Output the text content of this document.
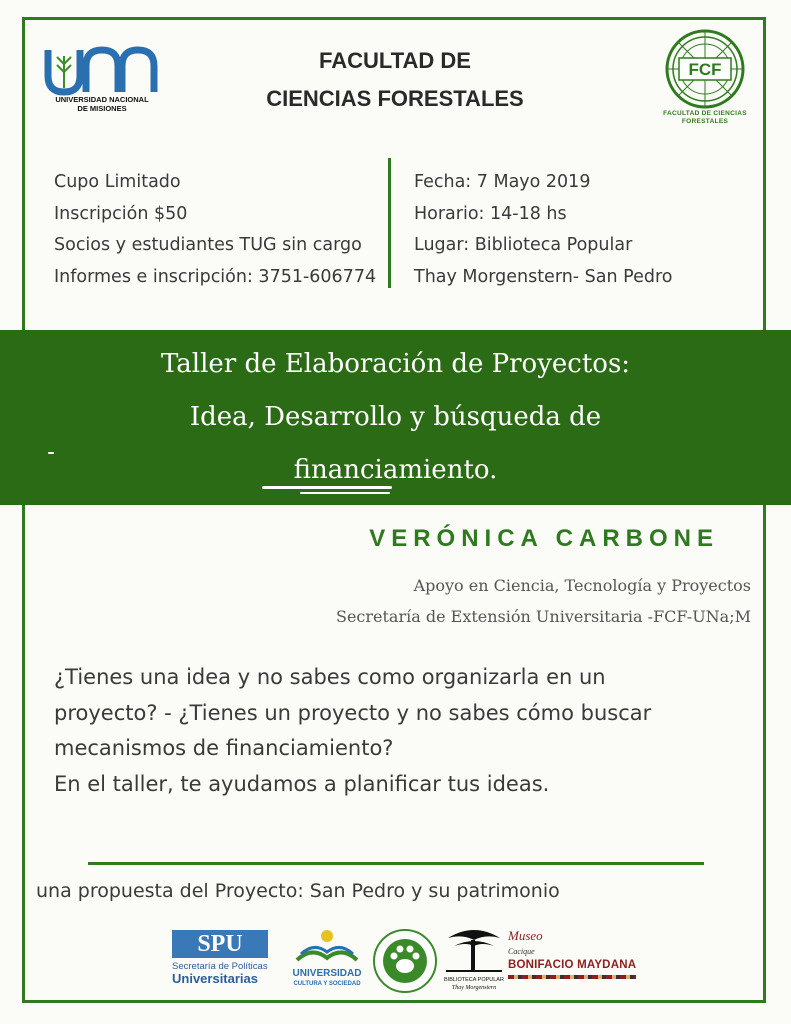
UNIVERSIDAD NACIONAL
DE MISIONES
FACULTAD DE
CIENCIAS FORESTALES
FCF
FACULTAD DE CIENCIAS
FORESTALES
Cupo Limitado
Inscripción $50
Socios y estudiantes TUG sin cargo
Informes e inscripción: 3751-606774
Fecha: 7 Mayo 2019
Horario: 14-18 hs
Lugar: Biblioteca Popular
Thay Morgenstern- San Pedro
Taller de Elaboración de Proyectos:
Idea, Desarrollo y búsqueda de
financiamiento.
VERÓNICA CARBONE
Apoyo en Ciencia, Tecnología y Proyectos
Secretaría de Extensión Universitaria -FCF-UNa;M
¿Tienes una idea y no sabes como organizarla en un
proyecto? - ¿Tienes un proyecto y no sabes cómo buscar
mecanismos de financiamiento?
En el taller, te ayudamos a planificar tus ideas.
una propuesta del Proyecto: San Pedro y su patrimonio
SPU
Secretaría de Políticas
Universitarias	UNIVERSIDAD
CULTURA Y SOCIEDAD
BIBLIOTECA POPULAR
Thay Morgenstern
Museo
Cacique
BONIFACIO MAYDANA
